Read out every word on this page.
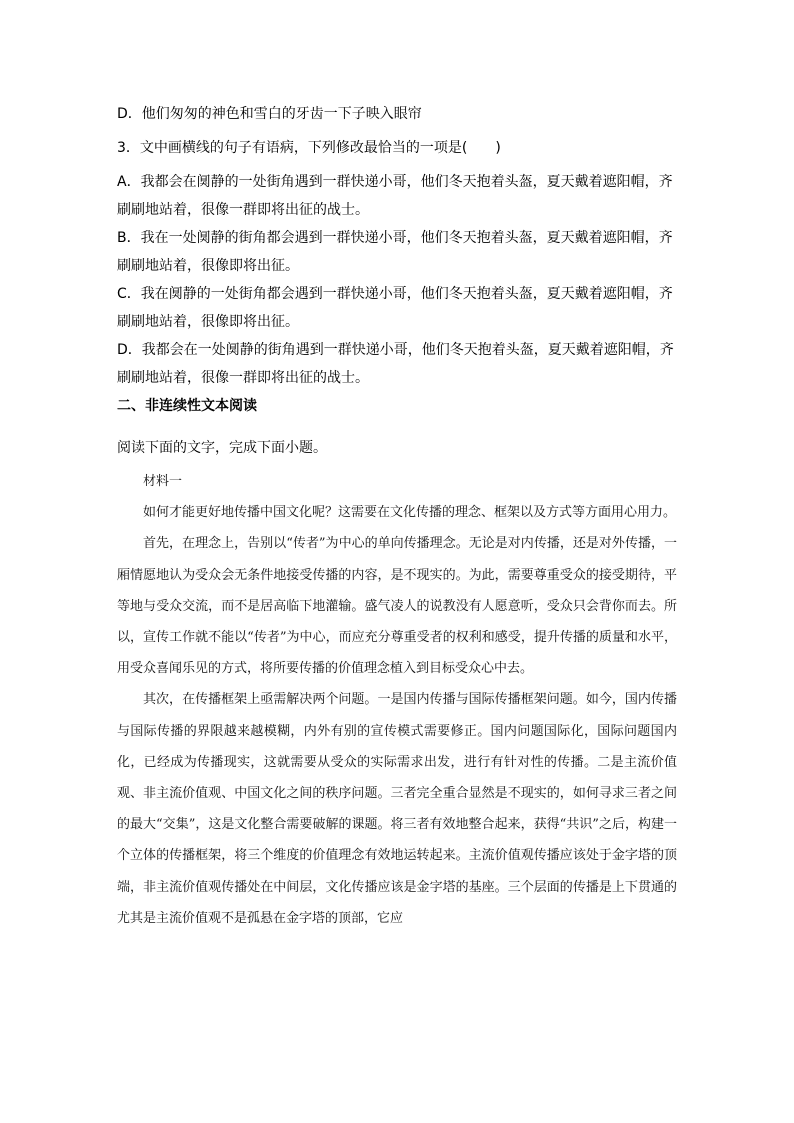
D．他们匆匆的神色和雪白的牙齿一下子映入眼帘

3．文中画横线的句子有语病，下列修改最恰当的一项是(　　)

A．我都会在阒静的一处街角遇到一群快递小哥，他们冬天抱着头盔，夏天戴着遮阳帽，齐

刷刷地站着，很像一群即将出征的战士。

B．我在一处阒静的街角都会遇到一群快递小哥，他们冬天抱着头盔，夏天戴着遮阳帽，齐

刷刷地站着，很像即将出征。

C．我在阒静的一处街角都会遇到一群快递小哥，他们冬天抱着头盔，夏天戴着遮阳帽，齐

刷刷地站着，很像即将出征。

D．我都会在一处阒静的街角遇到一群快递小哥，他们冬天抱着头盔，夏天戴着遮阳帽，齐

刷刷地站着，很像一群即将出征的战士。

二、非连续性文本阅读

阅读下面的文字，完成下面小题。

材料一

如何才能更好地传播中国文化呢？这需要在文化传播的理念、框架以及方式等方面用心用力。

首先，在理念上，告别以“传者”为中心的单向传播理念。无论是对内传播，还是对外传播，一厢情愿地认为受众会无条件地接受传播的内容，是不现实的。为此，需要尊重受众的接受期待，平等地与受众交流，而不是居高临下地灌输。盛气凌人的说教没有人愿意听，受众只会背你而去。所以，宣传工作就不能以“传者”为中心，而应充分尊重受者的权利和感受，提升传播的质量和水平，用受众喜闻乐见的方式，将所要传播的价值理念植入到目标受众心中去。

其次，在传播框架上亟需解决两个问题。一是国内传播与国际传播框架问题。如今，国内传播与国际传播的界限越来越模糊，内外有别的宣传模式需要修正。国内问题国际化，国际问题国内化，已经成为传播现实，这就需要从受众的实际需求出发，进行有针对性的传播。二是主流价值观、非主流价值观、中国文化之间的秩序问题。三者完全重合显然是不现实的，如何寻求三者之间的最大“交集”，这是文化整合需要破解的课题。将三者有效地整合起来，获得“共识”之后，构建一个立体的传播框架，将三个维度的价值理念有效地运转起来。主流价值观传播应该处于金字塔的顶端，非主流价值观传播处在中间层，文化传播应该是金字塔的基座。三个层面的传播是上下贯通的尤其是主流价值观不是孤悬在金字塔的顶部，它应
